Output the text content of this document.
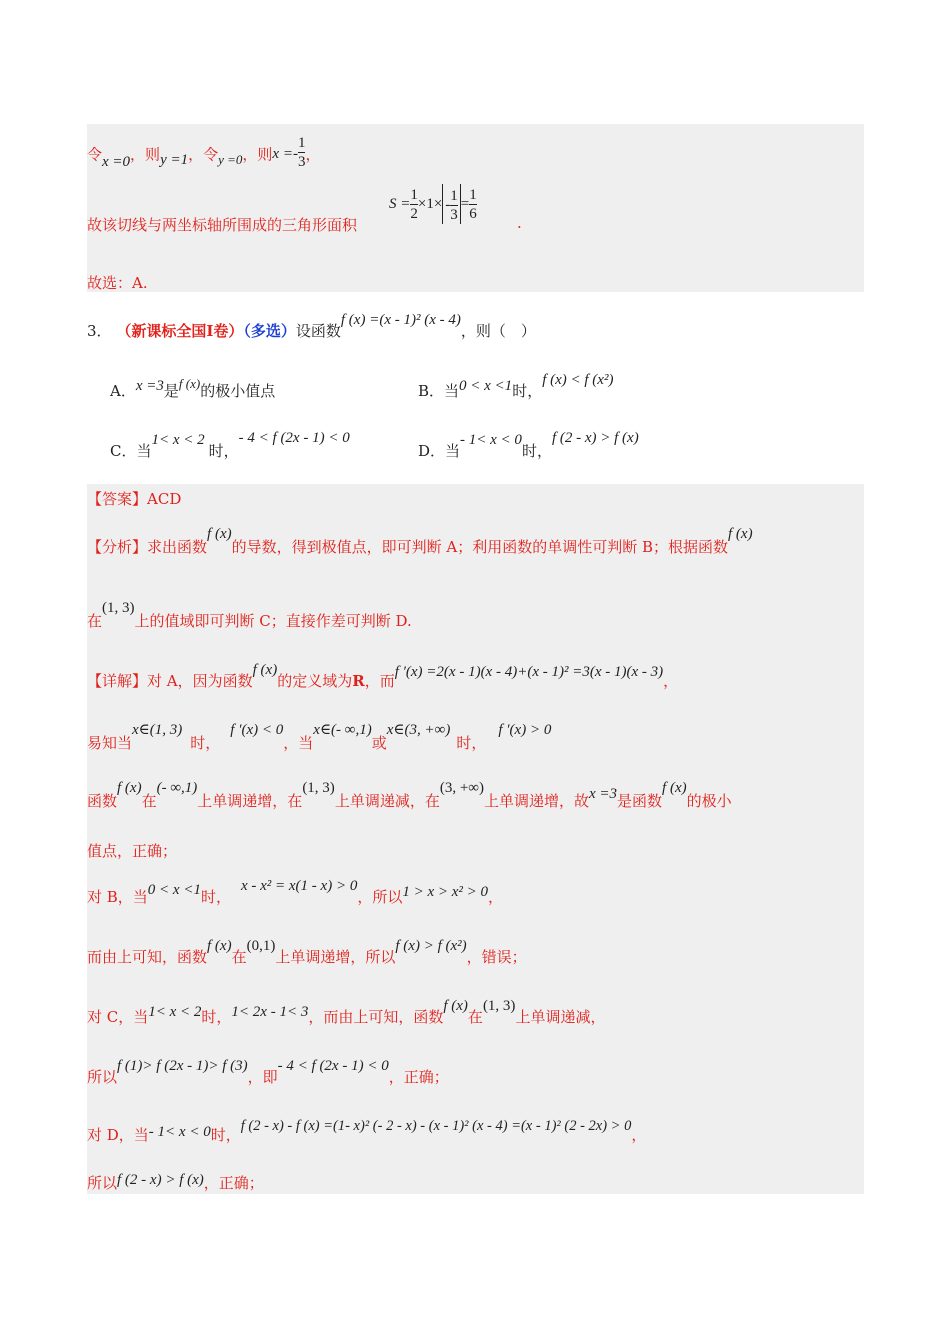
令x =0，则y =1，令y =0，则$x =- \frac{1}{3}$ ，
$S = \frac{1}{2} \times 1\times - \frac{1}{3} = \frac{1}{6}$
故该切线与两坐标轴所围成的三角形面积	.
故选：A.
3． （新课标全国Ⅰ卷）（多选）设函数f (x) =(x - 1)² (x - 4)，则（　）
A．x =3是f (x)的极小值点	B．当0 < x <1时，f (x) < f (x²)
C．当1< x < 2时，- 4 < f (2x - 1) < 0
D．当- 1< x < 0时，f (2 - x) > f (x)
【答案】ACD
【分析】求出函数f (x)的导数，得到极值点，即可判断 A；利用函数的单调性可判断 B；根据函数f (x)
在(1, 3)上的值域即可判断 C；直接作差可判断 D.
【详解】对 A，因为函数f (x)的定义域为R，而f ′(x) =2(x - 1)(x - 4)+(x - 1)² =3(x - 1)(x - 3)，
易知当x∈(1, 3)时，f ′(x) < 0，当x∈(- ∞,1)或x∈(3, +∞)时，f ′(x) > 0
函数f (x)在(- ∞,1)上单调递增，在(1, 3)上单调递减，在(3, +∞)上单调递增，故x =3是函数f (x)的极小
值点，正确；
对 B，当0 < x <1时，x - x² = x(1 - x) > 0，所以1 > x > x² > 0，
而由上可知，函数f (x)在(0,1)上单调递增，所以f (x) > f (x²)，错误；
对 C，当1< x < 2时，1< 2x - 1< 3，而由上可知，函数f (x)在(1, 3)上单调递减，
所以f (1)> f (2x - 1)> f (3)，即- 4 < f (2x - 1) < 0，正确；
对 D，当- 1< x < 0时，f (2 - x) - f (x) =(1- x)² (- 2 - x) - (x - 1)² (x - 4) =(x - 1)² (2 - 2x) > 0，
所以f (2 - x) > f (x)，正确；
